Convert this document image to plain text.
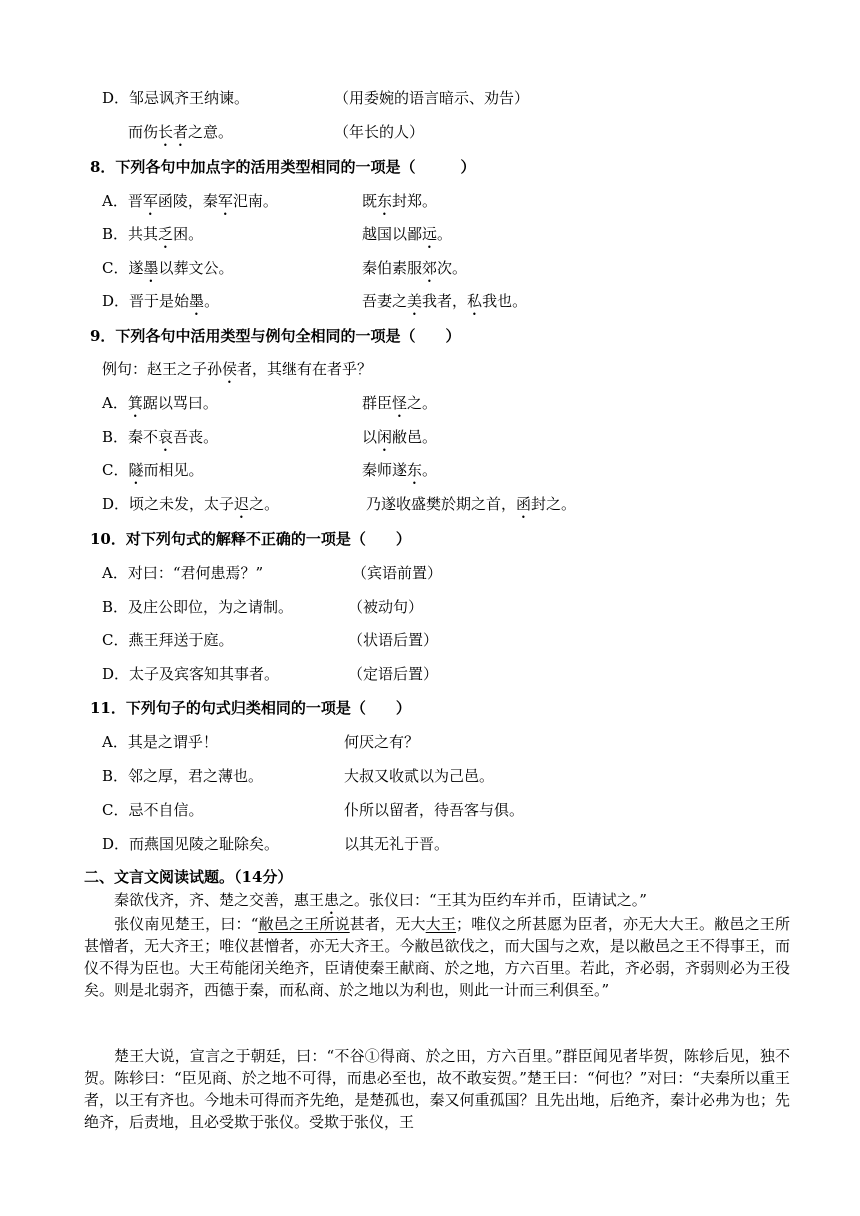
D．邹忌讽齐王纳谏。	（用委婉的语言暗示、劝告）
而伤长者之意。	（年长的人）
8．下列各句中加点字的活用类型相同的一项是（　　　）
A．晋军函陵，秦军汜南。	既东封郑。
B．共其乏困。	越国以鄙远。
C．遂墨以葬文公。	秦伯素服郊次。
D．晋于是始墨。	吾妻之美我者，私我也。
9．下列各句中活用类型与例句全相同的一项是（　　）
例句：赵王之子孙侯者，其继有在者乎？
A．箕踞以骂曰。	群臣怪之。
B．秦不哀吾丧。	以闲敝邑。
C．隧而相见。	秦师遂东。
D．顷之未发，太子迟之。	乃遂收盛樊於期之首，函封之。
10．对下列句式的解释不正确的一项是（　　）
A．对曰：“君何患焉？”	（宾语前置）
B．及庄公即位，为之请制。	（被动句）
C．燕王拜送于庭。	（状语后置）
D．太子及宾客知其事者。	（定语后置）
11．下列句子的句式归类相同的一项是（　　）
A．其是之谓乎！	何厌之有？
B．邻之厚，君之薄也。	大叔又收贰以为己邑。
C．忌不自信。	仆所以留者，待吾客与俱。
D．而燕国见陵之耻除矣。	以其无礼于晋。
二、文言文阅读试题。（14分）
秦欲伐齐，齐、楚之交善，惠王患之。张仪曰：“王其为臣约车并币，臣请试之。”
张仪南见楚王，曰：“敝邑之王所说甚者，无大大王；唯仪之所甚愿为臣者，亦无大大王。敝邑之王所甚憎者，无大齐王；唯仪甚憎者，亦无大齐王。今敝邑欲伐之，而大国与之欢，是以敝邑之王不得事王，而仪不得为臣也。大王苟能闭关绝齐，臣请使秦王献商、於之地，方六百里。若此，齐必弱，齐弱则必为王役矣。则是北弱齐，西德于秦，而私商、於之地以为利也，则此一计而三利俱至。”
楚王大说，宣言之于朝廷，曰：“不谷①得商、於之田，方六百里。”群臣闻见者毕贺，陈轸后见，独不贺。陈轸曰：“臣见商、於之地不可得，而患必至也，故不敢妄贺。”楚王曰：“何也？”对曰：“夫秦所以重王者，以王有齐也。今地未可得而齐先绝，是楚孤也，秦又何重孤国？且先出地，后绝齐，秦计必弗为也；先绝齐，后责地，且必受欺于张仪。受欺于张仪，王
